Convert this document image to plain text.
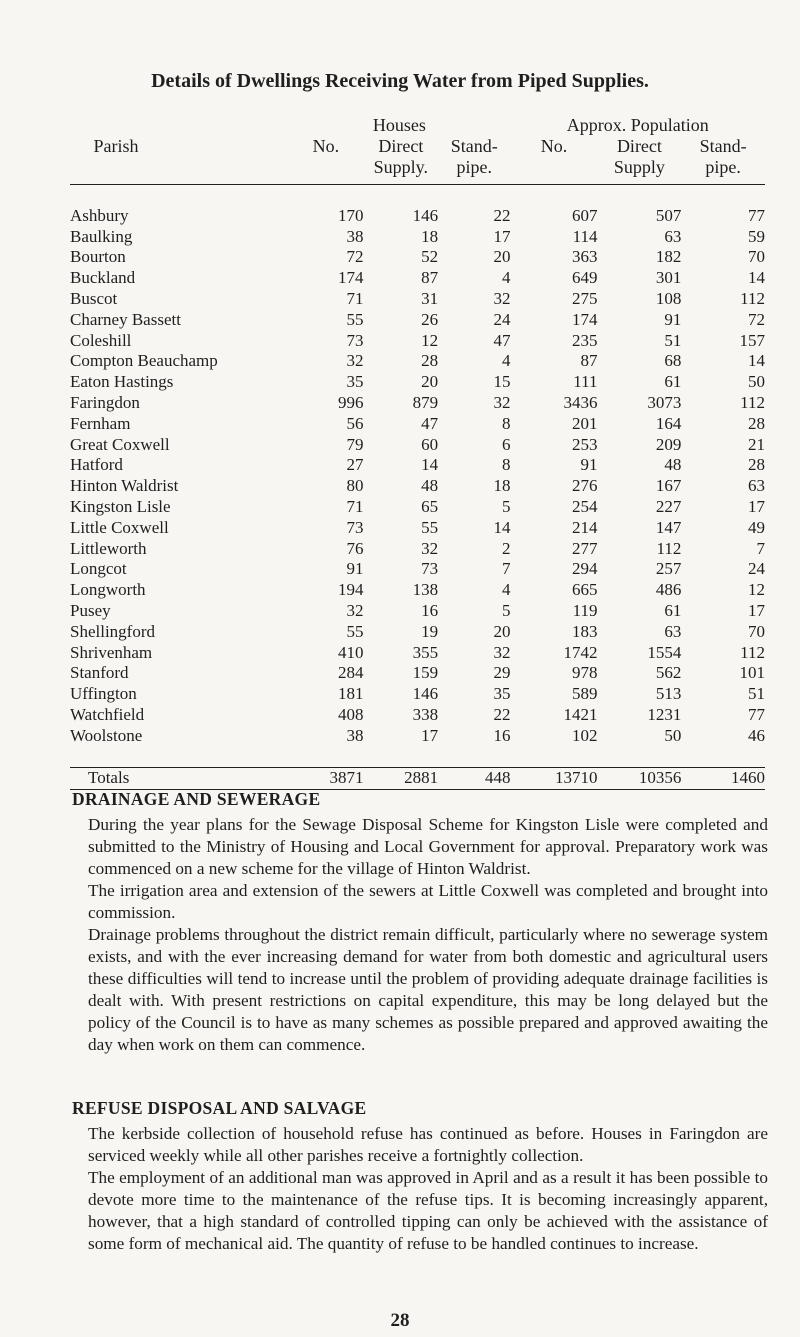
Details of Dwellings Receiving Water from Piped Supplies.
	Houses			Approx. Population		
Parish	No.	Direct Supply.	Stand- pipe.	No.	Direct Supply	Stand- pipe.

Ashbury	170	146	22	607	507	77
Baulking	38	18	17	114	63	59
Bourton	72	52	20	363	182	70
Buckland	174	87	4	649	301	14
Buscot	71	31	32	275	108	112
Charney Bassett	55	26	24	174	91	72
Coleshill	73	12	47	235	51	157
Compton Beauchamp	32	28	4	87	68	14
Eaton Hastings	35	20	15	111	61	50
Faringdon	996	879	32	3436	3073	112
Fernham	56	47	8	201	164	28
Great Coxwell	79	60	6	253	209	21
Hatford	27	14	8	91	48	28
Hinton Waldrist	80	48	18	276	167	63
Kingston Lisle	71	65	5	254	227	17
Little Coxwell	73	55	14	214	147	49
Littleworth	76	32	2	277	112	7
Longcot	91	73	7	294	257	24
Longworth	194	138	4	665	486	12
Pusey	32	16	5	119	61	17
Shellingford	55	19	20	183	63	70
Shrivenham	410	355	32	1742	1554	112
Stanford	284	159	29	978	562	101
Uffington	181	146	35	589	513	51
Watchfield	408	338	22	1421	1231	77
Woolstone	38	17	16	102	50	46

Totals	3871	2881	448	13710	10356	1460
DRAINAGE AND SEWERAGE

During the year plans for the Sewage Disposal Scheme for Kingston Lisle were completed and submitted to the Ministry of Housing and Local Government for approval. Preparatory work was commenced on a new scheme for the village of Hinton Waldrist.

The irrigation area and extension of the sewers at Little Coxwell was completed and brought into commission.

Drainage problems throughout the district remain difficult, particularly where no sewerage system exists, and with the ever increasing demand for water from both domestic and agricultural users these difficulties will tend to increase until the problem of providing adequate drainage facilities is dealt with. With present restrictions on capital expenditure, this may be long delayed but the policy of the Council is to have as many schemes as possible prepared and approved awaiting the day when work on them can commence.

REFUSE DISPOSAL AND SALVAGE

The kerbside collection of household refuse has continued as before. Houses in Faringdon are serviced weekly while all other parishes receive a fortnightly collection.

The employment of an additional man was approved in April and as a result it has been possible to devote more time to the maintenance of the refuse tips. It is becoming increasingly apparent, however, that a high standard of controlled tipping can only be achieved with the assistance of some form of mechanical aid. The quantity of refuse to be handled continues to increase.

28
